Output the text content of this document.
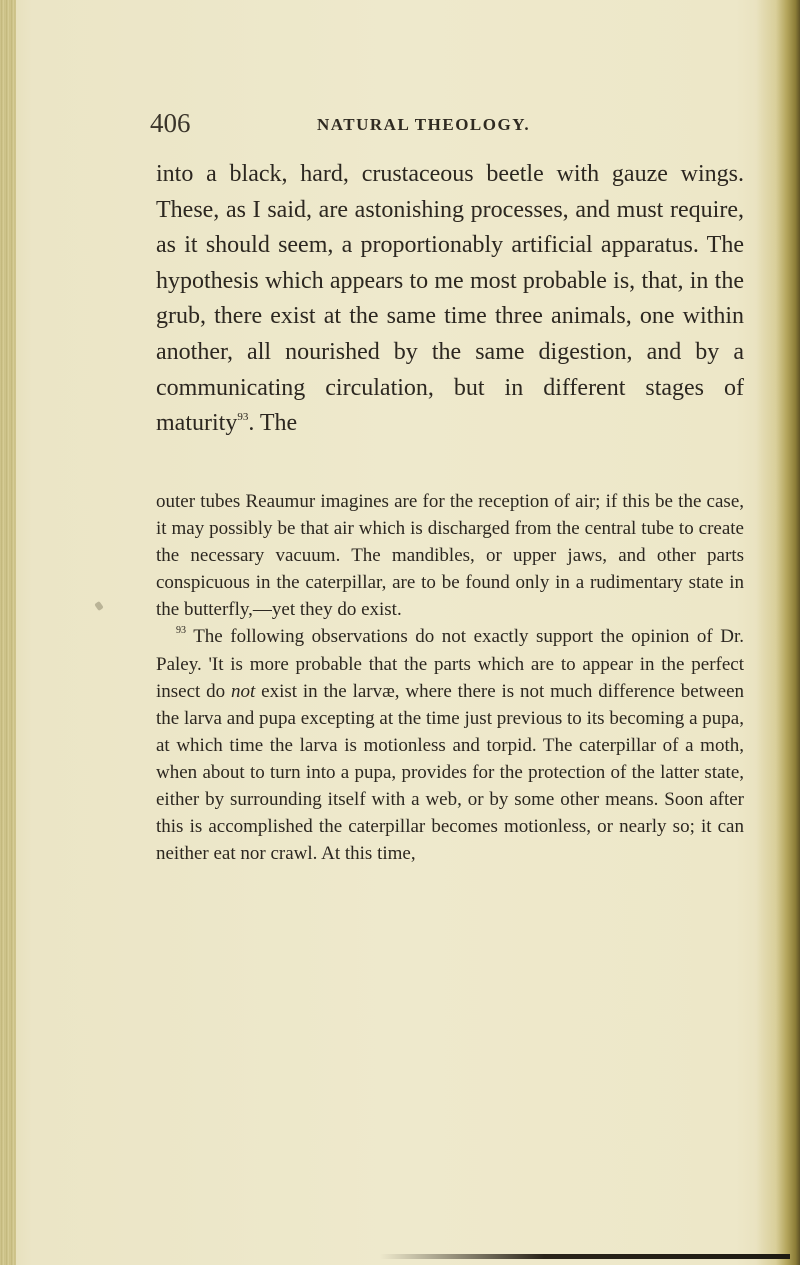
406	NATURAL THEOLOGY.

into a black, hard, crustaceous beetle with gauze wings. These, as I said, are astonishing processes, and must require, as it should seem, a proportionably artificial apparatus. The hypothesis which appears to me most probable is, that, in the grub, there exist at the same time three animals, one within another, all nourished by the same digestion, and by a communicating circulation, but in different stages of maturity$^{93}$. The

outer tubes Reaumur imagines are for the reception of air; if this be the case, it may possibly be that air which is discharged from the central tube to create the necessary vacuum. The mandibles, or upper jaws, and other parts conspicuous in the caterpillar, are to be found only in a rudimentary state in the butterfly,—yet they do exist.

$^{93}$ The following observations do not exactly support the opinion of Dr. Paley. 'It is more probable that the parts which are to appear in the perfect insect do not exist in the larvæ, where there is not much difference between the larva and pupa excepting at the time just previous to its becoming a pupa, at which time the larva is motionless and torpid. The caterpillar of a moth, when about to turn into a pupa, provides for the protection of the latter state, either by surrounding itself with a web, or by some other means. Soon after this is accomplished the caterpillar becomes motionless, or nearly so; it can neither eat nor crawl. At this time,
